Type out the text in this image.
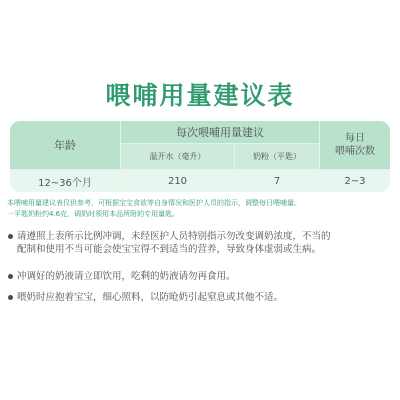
喂哺用量建议表
年龄
每次喂哺用量建议
温开水（毫升）	奶粉（平匙）
每日
喂哺次数
12~36个月	210	7	2~3

本喂哺用量建议表仅供参考，可根据宝宝食欲等自身情况和医护人员的指示，调整每日喂哺量。

一平匙奶粉约4.6克，调奶时须用本品所附的专用量匙。

请遵照上表所示比例冲调，未经医护人员特别指示勿改变调奶浓度，不当的

配制和使用不当可能会使宝宝得不到适当的营养，导致身体虚弱或生病。

冲调好的奶液请立即饮用，吃剩的奶液请勿再食用。

喂奶时应抱着宝宝，细心照料，以防呛奶引起窒息或其他不适。
